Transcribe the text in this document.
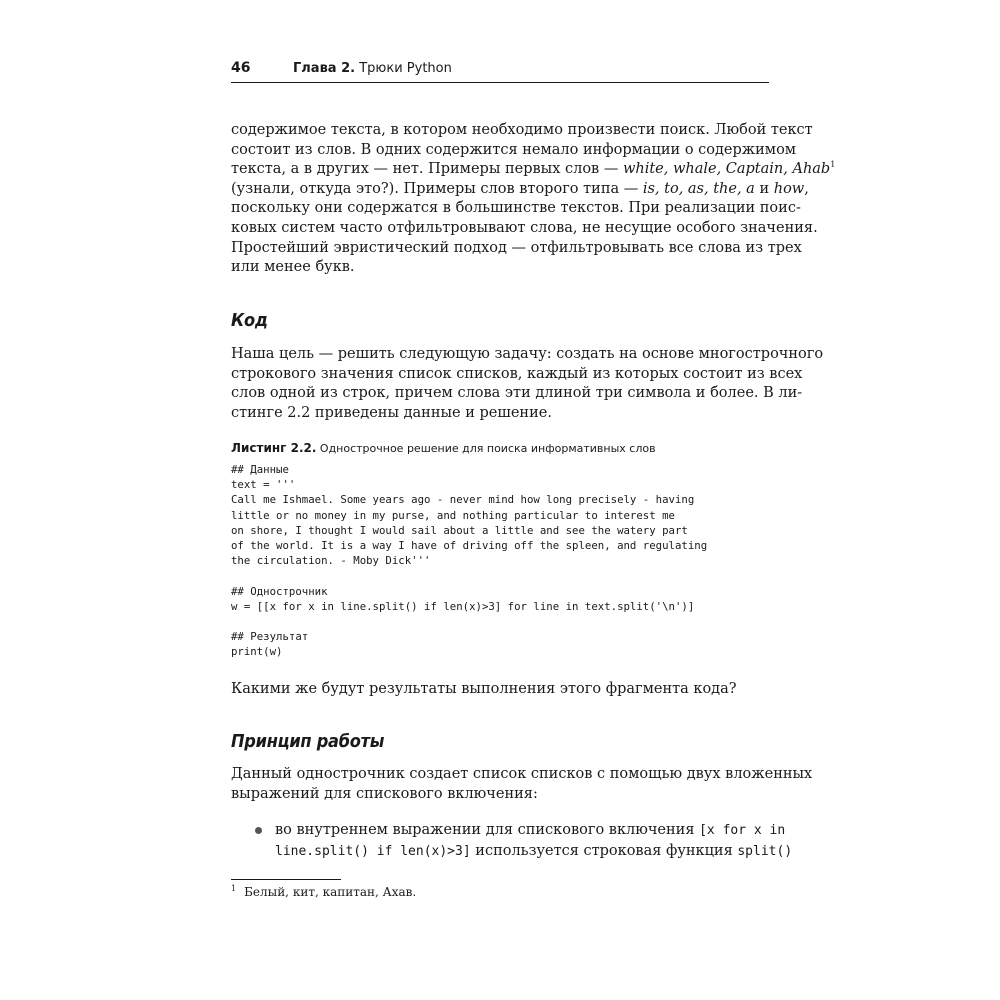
46	Глава 2. Трюки Python

содержимое текста, в котором необходимо произвести поиск. Любой текст
состоит из слов. В одних содержится немало информации о содержимом
текста, а в других — нет. Примеры первых слов — white, whale, Captain, Ahab$^1$
(узнали, откуда это?). Примеры слов второго типа — is, to, as, the, a и how,
поскольку они содержатся в большинстве текстов. При реализации поис-
ковых систем часто отфильтровывают слова, не несущие особого значения.
Простейший эвристический подход — отфильтровывать все слова из трех
или менее букв.

Код

Наша цель — решить следующую задачу: создать на основе многострочного
строкового значения список списков, каждый из которых состоит из всех
слов одной из строк, причем слова эти длиной три символа и более. В ли-
стинге 2.2 приведены данные и решение.

Листинг 2.2. Однострочное решение для поиска информативных слов
## Данные
text = '''
Call me Ishmael. Some years ago - never mind how long precisely - having
little or no money in my purse, and nothing particular to interest me
on shore, I thought I would sail about a little and see the watery part
of the world. It is a way I have of driving off the spleen, and regulating
the circulation. - Moby Dick'''
## Однострочник
w = [[x for x in line.split() if len(x)>3] for line in text.split('\n')]
## Результат
print(w)

Какими же будут результаты выполнения этого фрагмента кода?

Принцип работы

Данный однострочник создает список списков с помощью двух вложенных
выражений для спискового включения:

во внутреннем выражении для спискового включения [x for x in
line.split() if len(x)>3] используется строковая функция split()
$^1$ Белый, кит, капитан, Ахав.
